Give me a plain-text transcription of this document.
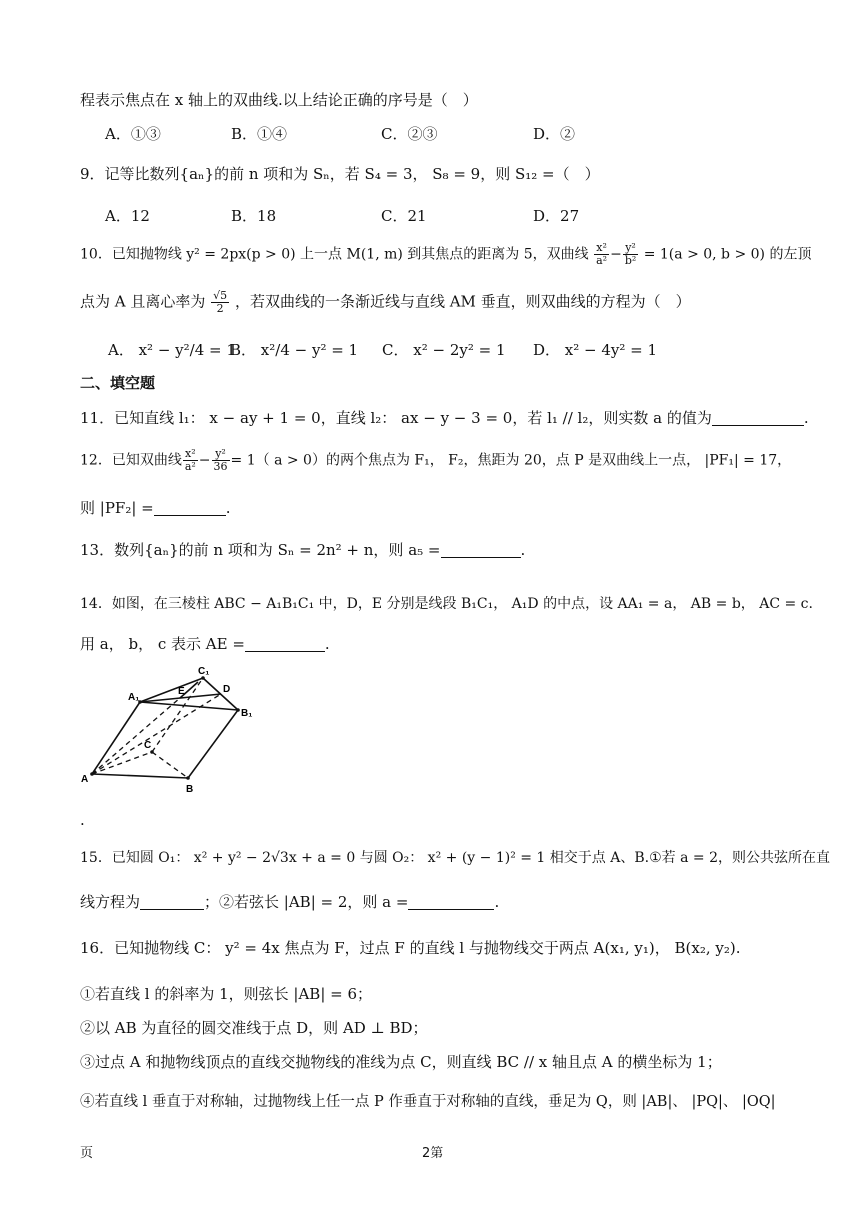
程表示焦点在 x 轴上的双曲线.以上结论正确的序号是（　）
A．①③	B．①④	C．②③	D．②
9．记等比数列{aₙ}的前 n 项和为 Sₙ，若 S₄ = 3， S₈ = 9，则 S₁₂ =（　）
A．12	B．18	C．21	D．27
10．已知抛物线 y² = 2px(p > 0) 上一点 M(1, m) 到其焦点的距离为 5，双曲线 $\frac{\text{x²}}{\text{a²}} - \frac{\text{y²}}{\text{b²}} = 1(a > 0$, b > 0) 的左顶
点为 A 且离心率为 $\frac{√5}{2}$ ，若双曲线的一条渐近线与直线 AM 垂直，则双曲线的方程为（　）
A． x² − y²/4 = 1
B． x²/4 − y² = 1 C． x² − 2y² = 1 D． x² − 4y² = 1
二、填空题
11．已知直线 l₁： x − ay + 1 = 0，直线 l₂： ax − y − 3 = 0，若 l₁ // l₂，则实数 a 的值为	.
12．已知双曲线 $\frac{\text{x²}}{\text{a²}} - \frac{\text{y²}}{36} = 1$（ a > 0）的两个焦点为 F₁， F₂，焦距为 20，点 P 是双曲线上一点， |PF₁| = 17，
则 |PF₂| =	.
13．数列{aₙ}的前 n 项和为 Sₙ = 2n² + n，则 a₅ =	.
14．如图，在三棱柱 ABC − A₁B₁C₁ 中，D，E 分别是线段 B₁C₁， A₁D 的中点，设 AA₁ = a， AB = b， AC = c.
用 a， b， c 表示 AE =	.
C₁
D
A₁
E
B₁
C
A
B
.
15．已知圆 O₁： x² + y² − 2√3x + a = 0 与圆 O₂： x² + (y − 1)² = 1 相交于点 A、B.①若 a = 2，则公共弦所在直
线方程为	；②若弦长 |AB| = 2，则 a =	.
16．已知抛物线 C： y² = 4x 焦点为 F，过点 F 的直线 l 与抛物线交于两点 A(x₁, y₁)， B(x₂, y₂).
①若直线 l 的斜率为 1，则弦长 |AB| = 6；
②以 AB 为直径的圆交准线于点 D，则 AD ⊥ BD；
③过点 A 和抛物线顶点的直线交抛物线的准线为点 C，则直线 BC // x 轴且点 A 的横坐标为 1；
④若直线 l 垂直于对称轴，过抛物线上任一点 P 作垂直于对称轴的直线，垂足为 Q，则 |AB|、 |PQ|、 |OQ|
页	2第
